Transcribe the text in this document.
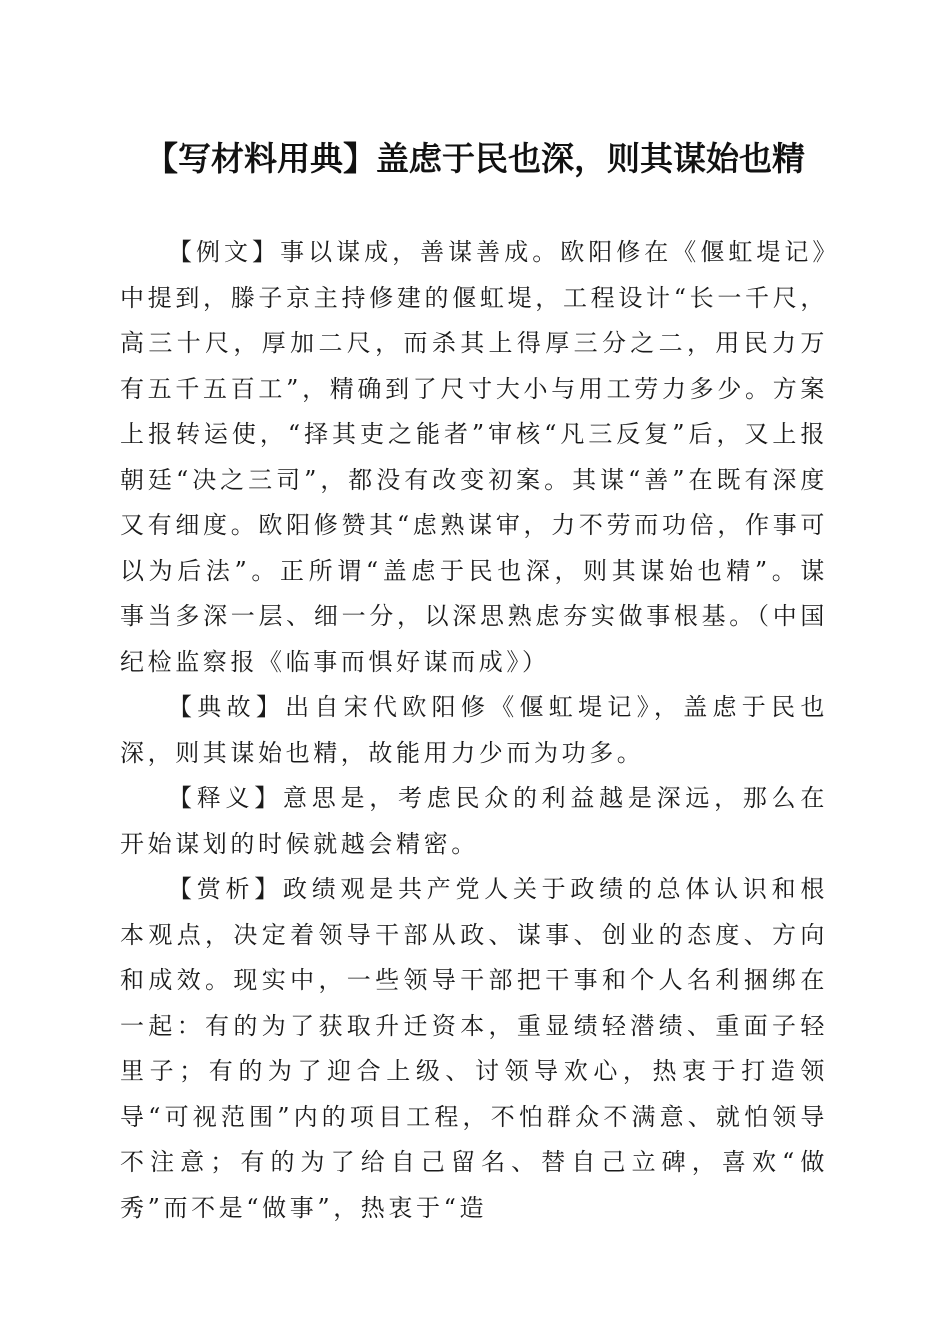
【写材料用典】盖虑于民也深，则其谋始也精

【例文】事以谋成，善谋善成。欧阳修在《偃虹堤记》中提到，滕子京主持修建的偃虹堤，工程设计“长一千尺，高三十尺，厚加二尺，而杀其上得厚三分之二，用民力万有五千五百工”，精确到了尺寸大小与用工劳力多少。方案上报转运使，“择其吏之能者”审核“凡三反复”后，又上报朝廷“决之三司”，都没有改变初案。其谋“善”在既有深度又有细度。欧阳修赞其“虑熟谋审，力不劳而功倍，作事可以为后法”。正所谓“盖虑于民也深，则其谋始也精”。谋事当多深一层、细一分，以深思熟虑夯实做事根基。（中国纪检监察报《临事而惧好谋而成》）

【典故】出自宋代欧阳修《偃虹堤记》，盖虑于民也深，则其谋始也精，故能用力少而为功多。

【释义】意思是，考虑民众的利益越是深远，那么在开始谋划的时候就越会精密。

【赏析】政绩观是共产党人关于政绩的总体认识和根本观点，决定着领导干部从政、谋事、创业的态度、方向和成效。现实中，一些领导干部把干事和个人名利捆绑在一起：有的为了获取升迁资本，重显绩轻潜绩、重面子轻里子；有的为了迎合上级、讨领导欢心，热衷于打造领导“可视范围”内的项目工程，不怕群众不满意、就怕领导不注意；有的为了给自己留名、替自己立碑，喜欢“做秀”而不是“做事”，热衷于“造
